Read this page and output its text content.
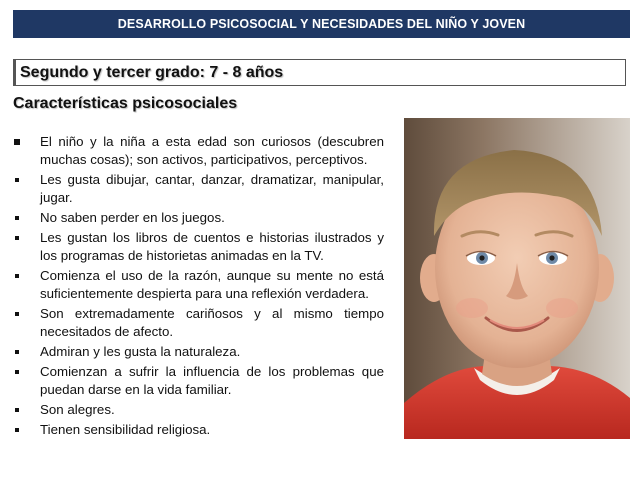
DESARROLLO PSICOSOCIAL Y NECESIDADES DEL NIÑO Y JOVEN
Segundo y tercer grado: 7 - 8 años
Características psicosociales
El niño y la niña a esta edad son curiosos (descubren muchas cosas); son activos, participativos, perceptivos.
Les gusta dibujar, cantar, danzar, dramatizar, manipular, jugar.
No saben perder en los juegos.
Les gustan los libros de cuentos e historias ilustrados y los programas de historietas animadas en la TV.
Comienza el uso de la razón, aunque su mente no está suficientemente despierta para una reflexión verdadera.
Son extremadamente cariñosos y al mismo tiempo necesitados de afecto.
Admiran y les gusta la naturaleza.
Comienzan a sufrir la influencia de los problemas que puedan darse en la vida familiar.
Son alegres.
Tienen sensibilidad religiosa.
